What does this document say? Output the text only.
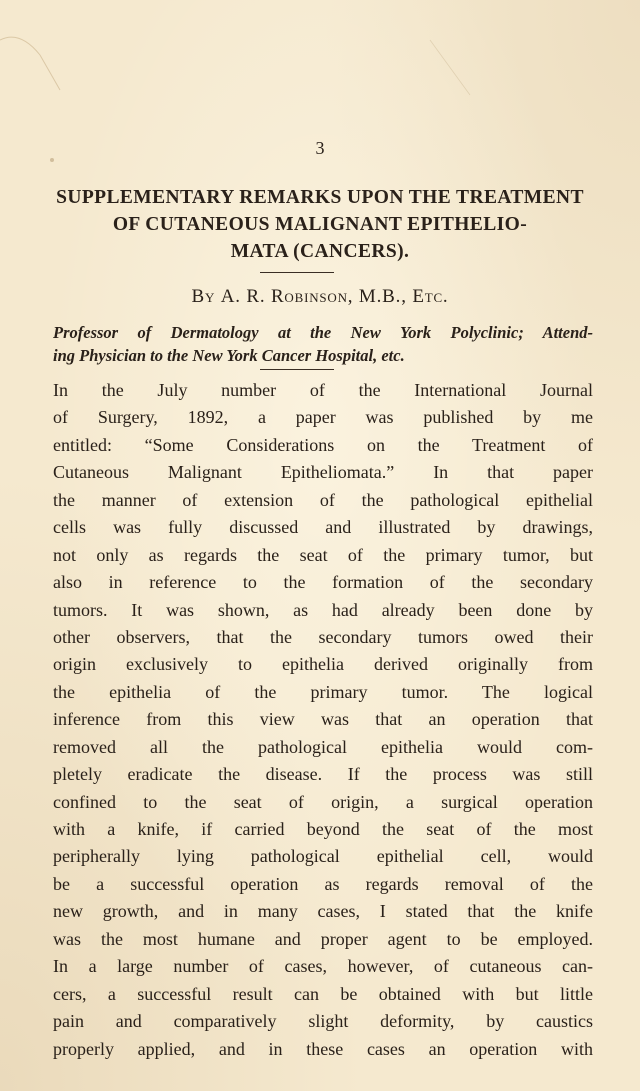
3
SUPPLEMENTARY REMARKS UPON THE TREATMENT
OF CUTANEOUS MALIGNANT EPITHELIO-
MATA (CANCERS).
By A. R. Robinson, M.B., Etc.
Professor of Dermatology at the New York Polyclinic; Attend-
ing Physician to the New York Cancer Hospital, etc.
In the July number of the International Journal
of Surgery, 1892, a paper was published by me
entitled: “Some Considerations on the Treatment of
Cutaneous Malignant Epitheliomata.” In that paper
the manner of extension of the pathological epithelial
cells was fully discussed and illustrated by drawings,
not only as regards the seat of the primary tumor, but
also in reference to the formation of the secondary
tumors. It was shown, as had already been done by
other observers, that the secondary tumors owed their
origin exclusively to epithelia derived originally from
the epithelia of the primary tumor. The logical
inference from this view was that an operation that
removed all the pathological epithelia would com-
pletely eradicate the disease. If the process was still
confined to the seat of origin, a surgical operation
with a knife, if carried beyond the seat of the most
peripherally lying pathological epithelial cell, would
be a successful operation as regards removal of the
new growth, and in many cases, I stated that the knife
was the most humane and proper agent to be employed.
In a large number of cases, however, of cutaneous can-
cers, a successful result can be obtained with but little
pain and comparatively slight deformity, by caustics
properly applied, and in these cases an operation with
